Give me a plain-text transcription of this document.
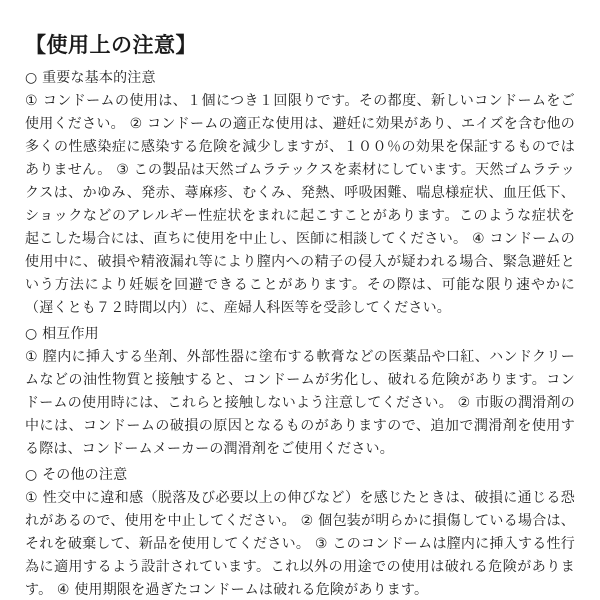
【使用上の注意】
○ 重要な基本的注意

① コンドームの使用は、１個につき１回限りです。その都度、新しいコンドームをご使用ください。 ② コンドームの適正な使用は、避妊に効果があり、エイズを含む他の多くの性感染症に感染する危険を減少しますが、１００％の効果を保証するものではありません。 ③ この製品は天然ゴムラテックスを素材にしています。天然ゴムラテックスは、かゆみ、発赤、蕁麻疹、むくみ、発熱、呼吸困難、喘息様症状、血圧低下、ショックなどのアレルギー性症状をまれに起こすことがあります。このような症状を起こした場合には、直ちに使用を中止し、医師に相談してください。 ④ コンドームの使用中に、破損や精液漏れ等により膣内への精子の侵入が疑われる場合、緊急避妊という方法により妊娠を回避できることがあります。その際は、可能な限り速やかに（遅くとも７２時間以内）に、産婦人科医等を受診してください。

○ 相互作用

① 膣内に挿入する坐剤、外部性器に塗布する軟膏などの医薬品や口紅、ハンドクリームなどの油性物質と接触すると、コンドームが劣化し、破れる危険があります。コンドームの使用時には、これらと接触しないよう注意してください。 ② 市販の潤滑剤の中には、コンドームの破損の原因となるものがありますので、追加で潤滑剤を使用する際は、コンドームメーカーの潤滑剤をご使用ください。

○ その他の注意

① 性交中に違和感（脱落及び必要以上の伸びなど）を感じたときは、破損に通じる恐れがあるので、使用を中止してください。 ② 個包装が明らかに損傷している場合は、それを破棄して、新品を使用してください。 ③ このコンドームは膣内に挿入する性行為に適用するよう設計されています。これ以外の用途での使用は破れる危険があります。 ④ 使用期限を過ぎたコンドームは破れる危険があります。
